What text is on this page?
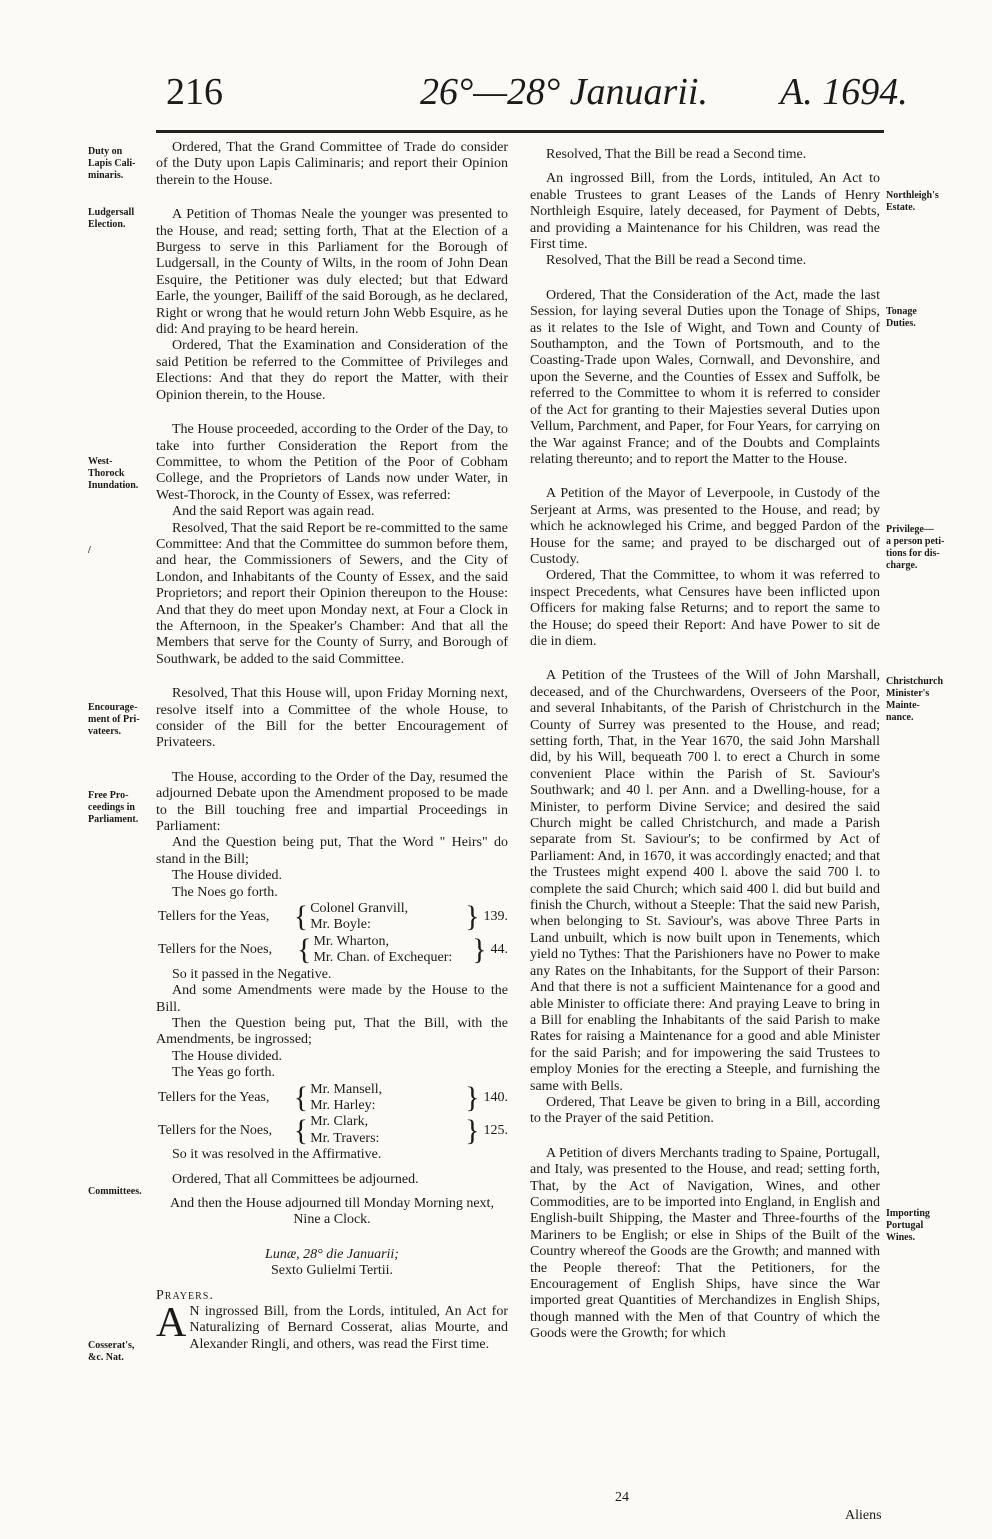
216	26°—28° Januarii. A. 1694.
Duty on
Lapis Cali-
minaris.
Ludgersall
Election.
West-
Thorock
Inundation.
/
Encourage-
ment of Pri-
vateers.
Free Pro-
ceedings in
Parliament.
Committees.
Cosserat's,
&c. Nat.
Northleigh's
Estate.
Tonage
Duties.
Privilege—
a person peti-
tions for dis-
charge.
Christchurch
Minister's
Mainte-
nance.
Importing
Portugal
Wines.

Ordered, That the Grand Committee of Trade do consider of the Duty upon Lapis Caliminaris; and report their Opinion therein to the House.

A Petition of Thomas Neale the younger was presented to the House, and read; setting forth, That at the Election of a Burgess to serve in this Parliament for the Borough of Ludgersall, in the County of Wilts, in the room of John Dean Esquire, the Petitioner was duly elected; but that Edward Earle, the younger, Bailiff of the said Borough, as he declared, Right or wrong that he would return John Webb Esquire, as he did: And praying to be heard herein.

Ordered, That the Examination and Consideration of the said Petition be referred to the Committee of Privileges and Elections: And that they do report the Matter, with their Opinion therein, to the House.

The House proceeded, according to the Order of the Day, to take into further Consideration the Report from the Committee, to whom the Petition of the Poor of Cobham College, and the Proprietors of Lands now under Water, in West-Thorock, in the County of Essex, was referred:

And the said Report was again read.

Resolved, That the said Report be re-committed to the same Committee: And that the Committee do summon before them, and hear, the Commissioners of Sewers, and the City of London, and Inhabitants of the County of Essex, and the said Proprietors; and report their Opinion thereupon to the House: And that they do meet upon Monday next, at Four a Clock in the Afternoon, in the Speaker's Chamber: And that all the Members that serve for the County of Surry, and Borough of Southwark, be added to the said Committee.

Resolved, That this House will, upon Friday Morning next, resolve itself into a Committee of the whole House, to consider of the Bill for the better Encouragement of Privateers.

The House, according to the Order of the Day, resumed the adjourned Debate upon the Amendment proposed to be made to the Bill touching free and impartial Proceedings in Parliament:

And the Question being put, That the Word " Heirs" do stand in the Bill;

The House divided.

The Noes go forth.

Tellers for the Yeas, { Colonel Granvill,
Mr. Boyle:	} 139.
Tellers for the Noes, { Mr. Wharton,
Mr. Chan. of Exchequer: } 44.

So it passed in the Negative.

And some Amendments were made by the House to the Bill.

Then the Question being put, That the Bill, with the Amendments, be ingrossed;

The House divided.

The Yeas go forth.

Tellers for the Yeas, { Mr. Mansell,
Mr. Harley:	} 140.
Tellers for the Noes, { Mr. Clark,
Mr. Travers:	} 125.

So it was resolved in the Affirmative.

Ordered, That all Committees be adjourned.

And then the House adjourned till Monday Morning next, Nine a Clock.

Lunæ, 28° die Januarii;

Sexto Gulielmi Tertii.

Prayers.

A N ingrossed Bill, from the Lords, intituled, An Act for Naturalizing of Bernard Cosserat, alias Mourte, and Alexander Ringli, and others, was read the First time.

Resolved, That the Bill be read a Second time.

An ingrossed Bill, from the Lords, intituled, An Act to enable Trustees to grant Leases of the Lands of Henry Northleigh Esquire, lately deceased, for Payment of Debts, and providing a Maintenance for his Children, was read the First time.

Resolved, That the Bill be read a Second time.

Ordered, That the Consideration of the Act, made the last Session, for laying several Duties upon the Tonage of Ships, as it relates to the Isle of Wight, and Town and County of Southampton, and the Town of Portsmouth, and to the Coasting-Trade upon Wales, Cornwall, and Devonshire, and upon the Severne, and the Counties of Essex and Suffolk, be referred to the Committee to whom it is referred to consider of the Act for granting to their Majesties several Duties upon Vellum, Parchment, and Paper, for Four Years, for carrying on the War against France; and of the Doubts and Complaints relating thereunto; and to report the Matter to the House.

A Petition of the Mayor of Leverpoole, in Custody of the Serjeant at Arms, was presented to the House, and read; by which he acknowleged his Crime, and begged Pardon of the House for the same; and prayed to be discharged out of Custody.

Ordered, That the Committee, to whom it was referred to inspect Precedents, what Censures have been inflicted upon Officers for making false Returns; and to report the same to the House; do speed their Report: And have Power to sit de die in diem.

A Petition of the Trustees of the Will of John Marshall, deceased, and of the Churchwardens, Overseers of the Poor, and several Inhabitants, of the Parish of Christchurch in the County of Surrey was presented to the House, and read; setting forth, That, in the Year 1670, the said John Marshall did, by his Will, bequeath 700 l. to erect a Church in some convenient Place within the Parish of St. Saviour's Southwark; and 40 l. per Ann. and a Dwelling-house, for a Minister, to perform Divine Service; and desired the said Church might be called Christchurch, and made a Parish separate from St. Saviour's; to be confirmed by Act of Parliament: And, in 1670, it was accordingly enacted; and that the Trustees might expend 400 l. above the said 700 l. to complete the said Church; which said 400 l. did but build and finish the Church, without a Steeple: That the said new Parish, when belonging to St. Saviour's, was above Three Parts in Land unbuilt, which is now built upon in Tenements, which yield no Tythes: That the Parishioners have no Power to make any Rates on the Inhabitants, for the Support of their Parson: And that there is not a sufficient Maintenance for a good and able Minister to officiate there: And praying Leave to bring in a Bill for enabling the Inhabitants of the said Parish to make Rates for raising a Maintenance for a good and able Minister for the said Parish; and for impowering the said Trustees to employ Monies for the erecting a Steeple, and furnishing the same with Bells.

Ordered, That Leave be given to bring in a Bill, according to the Prayer of the said Petition.

A Petition of divers Merchants trading to Spaine, Portugall, and Italy, was presented to the House, and read; setting forth, That, by the Act of Navigation, Wines, and other Commodities, are to be imported into England, in English and English-built Shipping, the Master and Three-fourths of the Mariners to be English; or else in Ships of the Built of the Country whereof the Goods are the Growth; and manned with the People thereof: That the Petitioners, for the Encouragement of English Ships, have since the War imported great Quantities of Merchandizes in English Ships, though manned with the Men of that Country of which the Goods were the Growth; for which

24
Aliens
